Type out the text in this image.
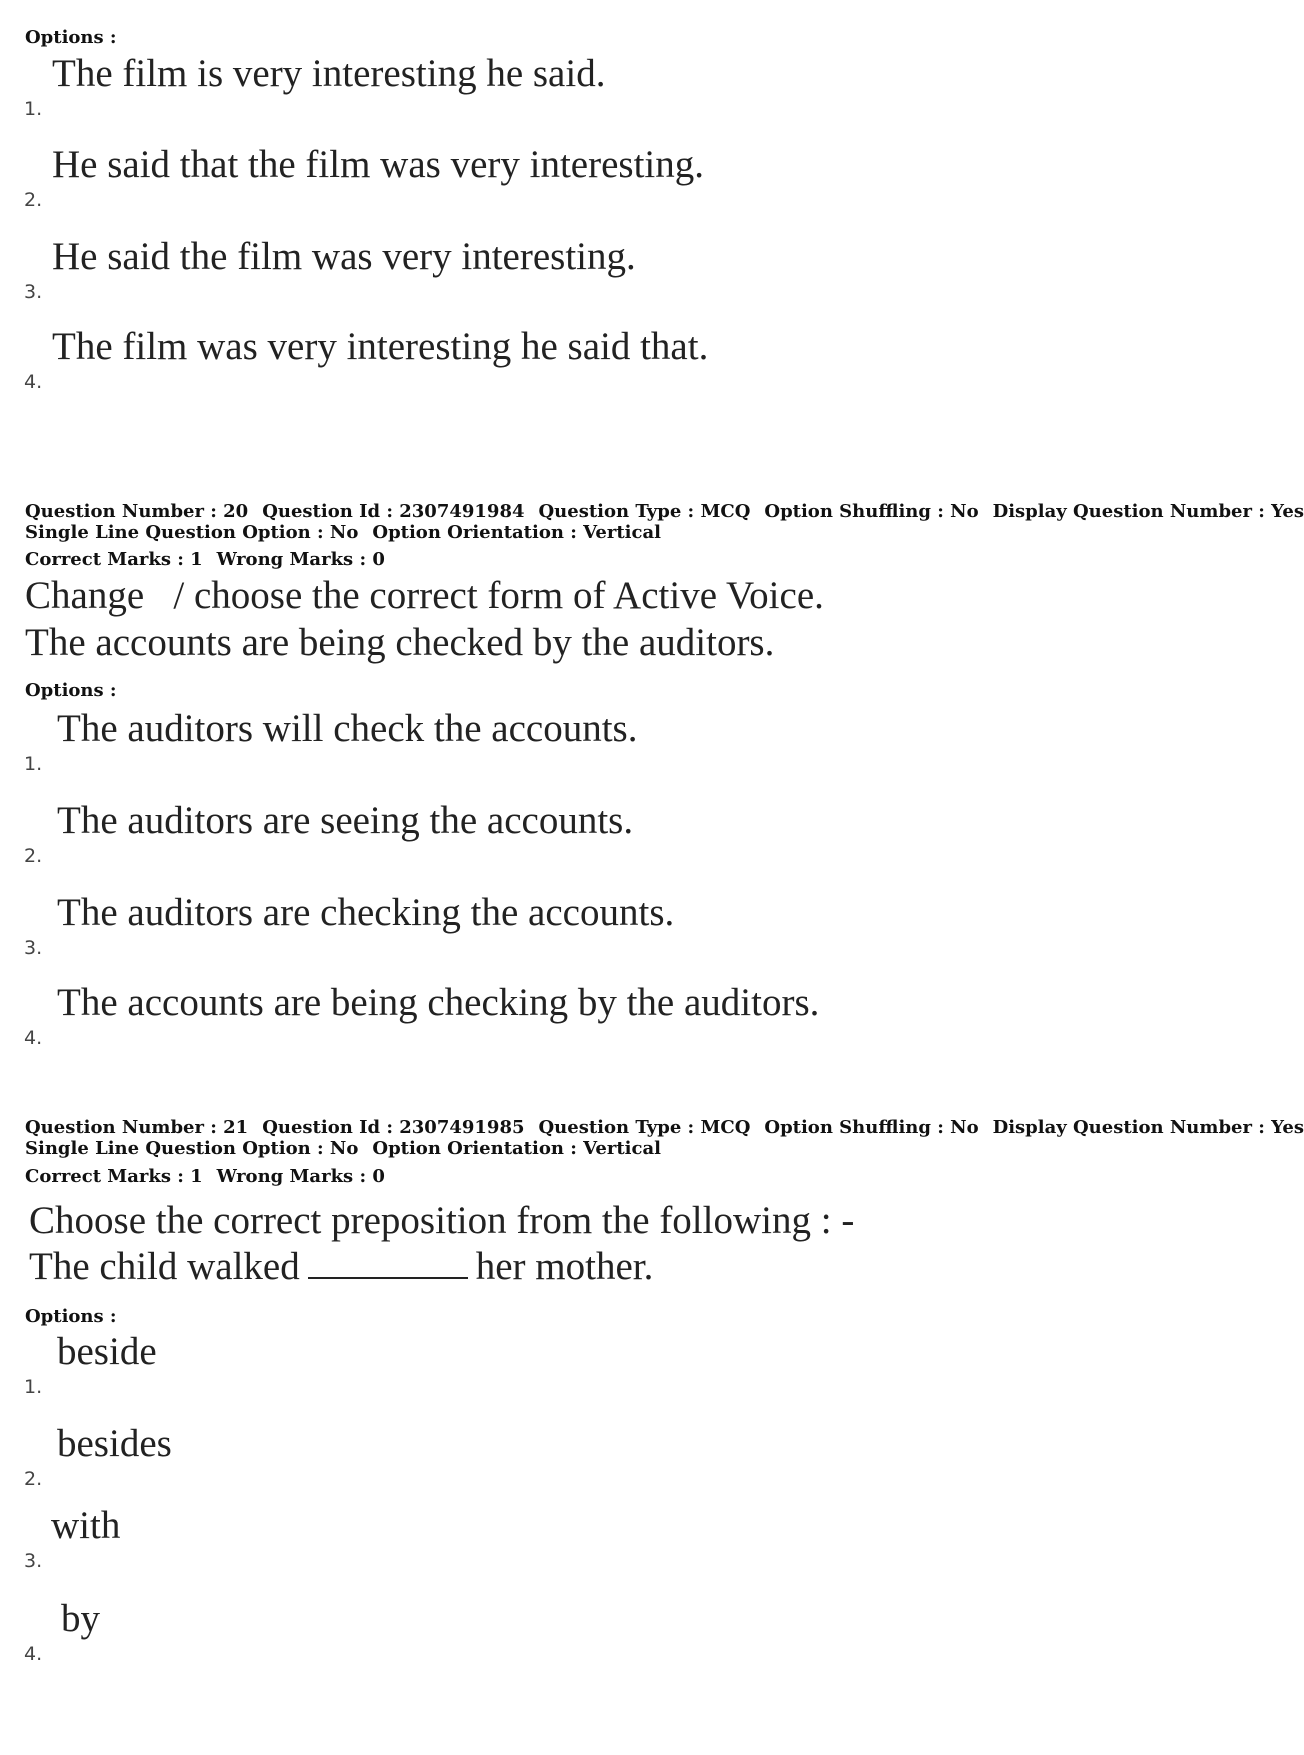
Options :
1.
The film is very interesting he said.
2.
He said that the film was very interesting.
3.
He said the film was very interesting.
4.
The film was very interesting he said that.
Question Number : 20 Question Id : 2307491984 Question Type : MCQ Option Shuffling : No Display Question Number : Yes
Single Line Question Option : No Option Orientation : Vertical
Correct Marks : 1 Wrong Marks : 0
Change   / choose the correct form of Active Voice.
The accounts are being checked by the auditors.
Options :
1.
The auditors will check the accounts.
2.
The auditors are seeing the accounts.
3.
The auditors are checking the accounts.
4.
The accounts are being checking by the auditors.
Question Number : 21 Question Id : 2307491985 Question Type : MCQ Option Shuffling : No Display Question Number : Yes
Single Line Question Option : No Option Orientation : Vertical
Correct Marks : 1 Wrong Marks : 0
Choose the correct preposition from the following : -
The child walked	her mother.
Options :
1.
beside
2.
besides
3.
with
4.
by
